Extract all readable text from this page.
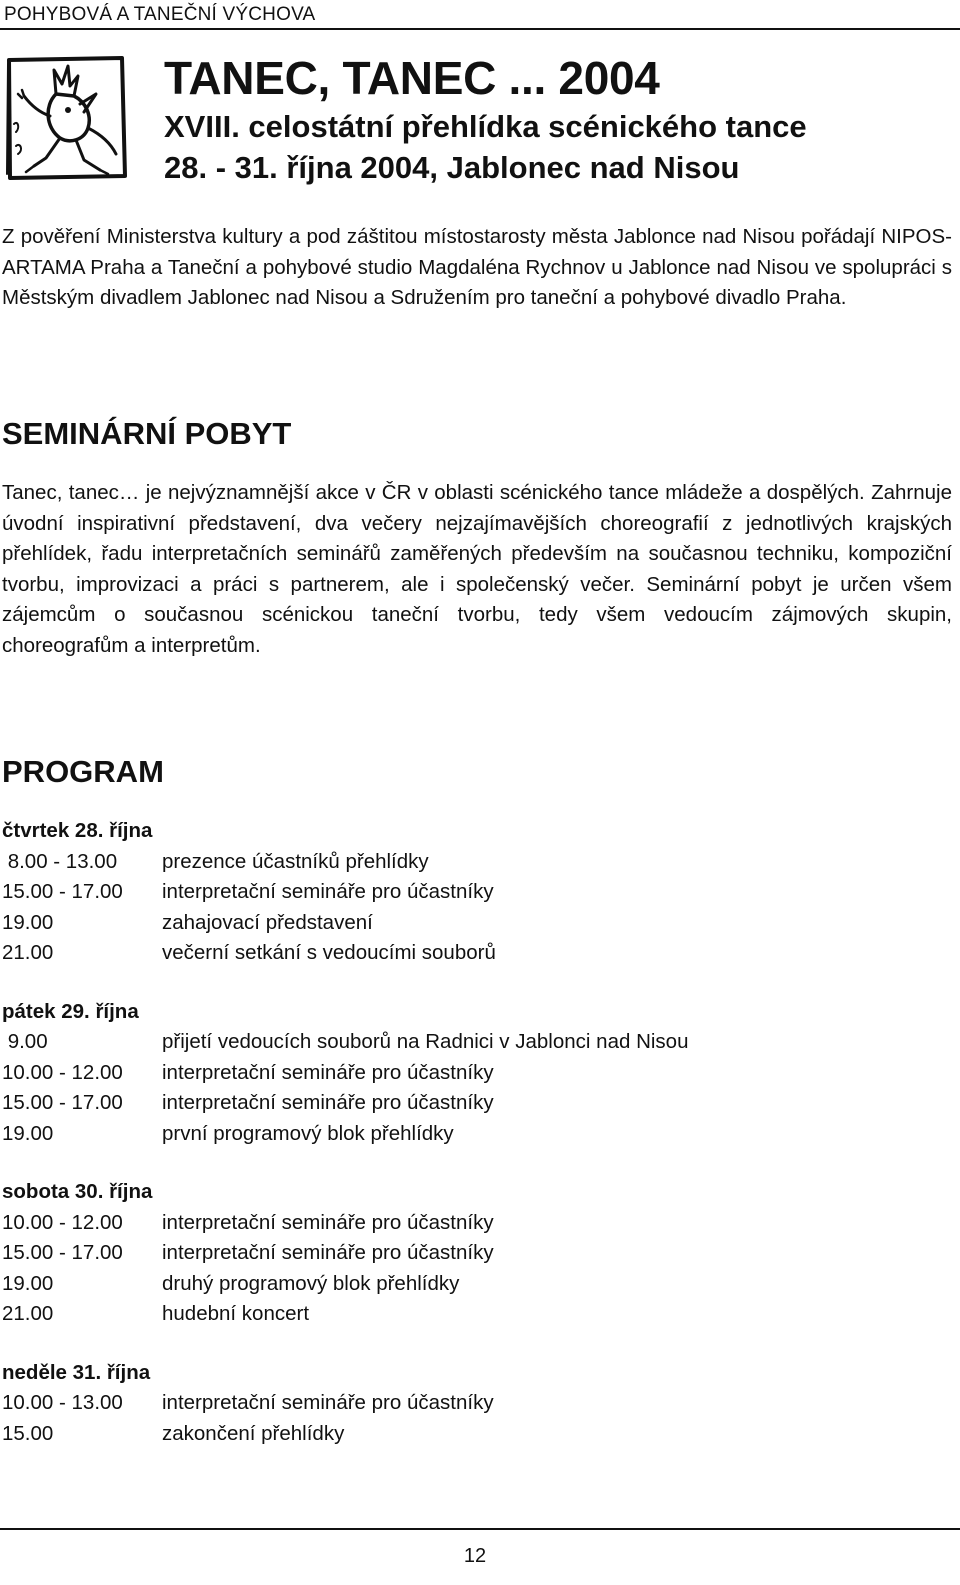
POHYBOVÁ A TANEČNÍ VÝCHOVA
TANEC, TANEC ... 2004
XVIII. celostátní přehlídka scénického tance
28. - 31. října 2004, Jablonec nad Nisou

Z pověření Ministerstva kultury a pod záštitou místostarosty města Jablonce nad Nisou pořádají NIPOS-ARTAMA Praha a Taneční a pohybové studio Magdaléna Rychnov u Jablonce nad Nisou ve spolupráci s Městským divadlem Jablonec nad Nisou a Sdružením pro taneční a pohybové divadlo Praha.

SEMINÁRNÍ POBYT

Tanec, tanec… je nejvýznamnější akce v ČR v oblasti scénického tance mládeže a dospělých. Zahrnuje úvodní inspirativní představení, dva večery nejzajímavějších choreografií z jednotlivých krajských přehlídek, řadu interpretačních seminářů zaměřených především na současnou techniku, kompoziční tvorbu, improvizaci a práci s partnerem, ale i společenský večer. Seminární pobyt je určen všem zájemcům o současnou scénickou taneční tvorbu, tedy všem vedoucím zájmových skupin, choreografům a interpretům.

PROGRAM
čtvrtek 28. října
8.00 - 13.00	prezence účastníků přehlídky
15.00 - 17.00	interpretační semináře pro účastníky
19.00	zahajovací představení
21.00	večerní setkání s vedoucími souborů
pátek 29. října
9.00	přijetí vedoucích souborů na Radnici v Jablonci nad Nisou
10.00 - 12.00	interpretační semináře pro účastníky
15.00 - 17.00	interpretační semináře pro účastníky
19.00	první programový blok přehlídky
sobota 30. října
10.00 - 12.00	interpretační semináře pro účastníky
15.00 - 17.00	interpretační semináře pro účastníky
19.00	druhý programový blok přehlídky
21.00	hudební koncert
neděle 31. října
10.00 - 13.00	interpretační semináře pro účastníky
15.00	zakončení přehlídky
12
